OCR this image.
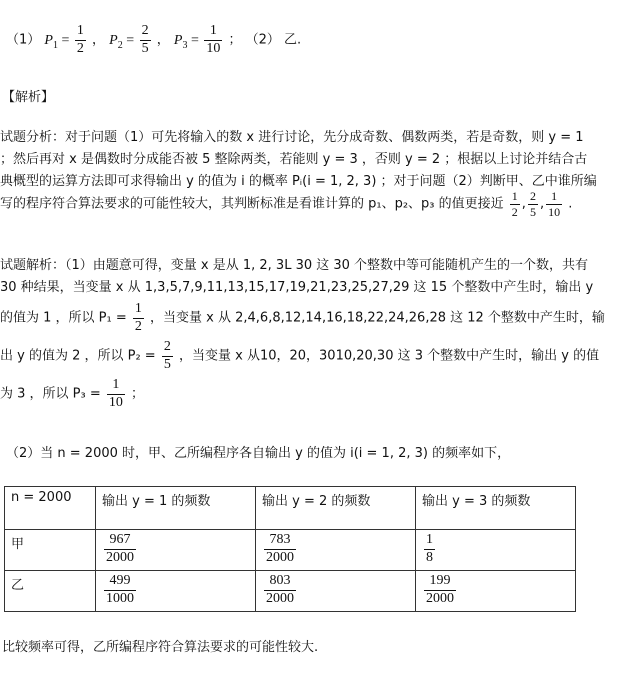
（1） $P_1 = \frac{1}{2}$ ， $P_2 = \frac{2}{5}$ ， $P_3 = \frac{1}{10}$ ； （2） 乙.
【解析】
试题分析：对于问题（1）可先将输入的数 x 进行讨论，先分成奇数、偶数两类，若是奇数，则 y = 1
；然后再对 x 是偶数时分成能否被 5 整除两类，若能则 y = 3 ，否则 y = 2 ；根据以上讨论并结合古
典概型的运算方法即可求得输出 y 的值为 i 的概率 Pᵢ(i = 1, 2, 3) ；对于问题（2）判断甲、乙中谁所编
写的程序符合算法要求的可能性较大，其判断标准是看谁计算的 p₁、p₂、p₃ 的值更接近 $\frac{1}{2}$ , $\frac{2}{5}$ , $\frac{1}{10}$ .
试题解析：（1）由题意可得，变量 x 是从 1, 2, 3L 30 这 30 个整数中等可能随机产生的一个数，共有
30 种结果，当变量 x 从 1,3,5,7,9,11,13,15,17,19,21,23,25,27,29 这 15 个整数中产生时，输出 y
的值为 1 ，所以 $P_1 = \frac{1}{2}$ ，当变量 x 从 2,4,6,8,12,14,16,18,22,24,26,28 这 12 个整数中产生时，输
出 y 的值为 2 ，所以 $P_2 = \frac{2}{5}$ ，当变量 x 从10，20，3010,20,30 这 3 个整数中产生时，输出 y 的值
为 3 ，所以 $P_3 = \frac{1}{10}$ ；
（2）当 n = 2000 时，甲、乙所编程序各自输出 y 的值为 i(i = 1, 2, 3) 的频率如下，
n = 2000	输出 y = 1 的频数	输出 y = 2 的频数	输出 y = 3 的频数
甲	$\frac{967}{2000}$	$\frac{783}{2000}$	$\frac{1}{8}$

乙	$\frac{499}{1000}$	$\frac{803}{2000}$	$\frac{199}{2000}$
比较频率可得，乙所编程序符合算法要求的可能性较大.
